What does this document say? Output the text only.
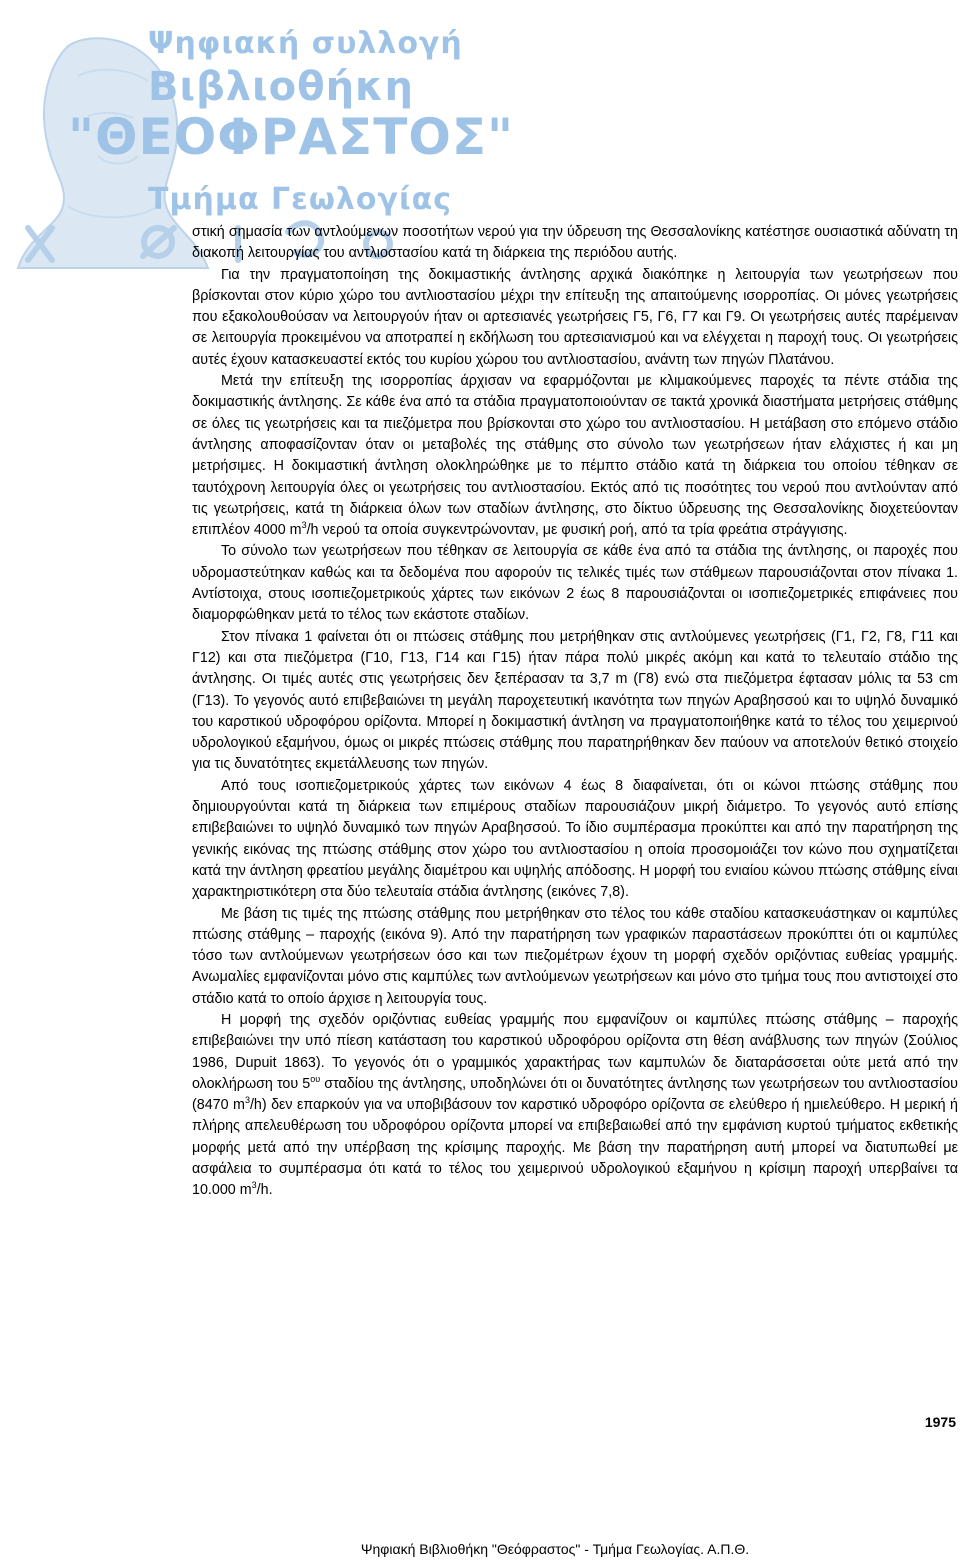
Ψηφιακή συλλογή
Βιβλιοθήκη
"ΘΕΟΦΡΑΣΤΟΣ"
Τμήμα Γεωλογίας

στική σημασία των αντλούμενων ποσοτήτων νερού για την ύδρευση της Θεσσαλονίκης κατέστησε ουσιαστικά αδύνατη τη διακοπή λειτουργίας του αντλιοστασίου κατά τη διάρκεια της περιόδου αυτής.

Για την πραγματοποίηση της δοκιμαστικής άντλησης αρχικά διακόπηκε η λειτουργία των γεωτρήσεων που βρίσκονται στον κύριο χώρο του αντλιοστασίου μέχρι την επίτευξη της απαιτούμενης ισορροπίας. Οι μόνες γεωτρήσεις που εξακολουθούσαν να λειτουργούν ήταν οι αρτεσιανές γεωτρήσεις Γ5, Γ6, Γ7 και Γ9. Οι γεωτρήσεις αυτές παρέμειναν σε λειτουργία προκειμένου να αποτραπεί η εκδήλωση του αρτεσιανισμού και να ελέγχεται η παροχή τους. Οι γεωτρήσεις αυτές έχουν κατασκευαστεί εκτός του κυρίου χώρου του αντλιοστασίου, ανάντη των πηγών Πλατάνου.

Μετά την επίτευξη της ισορροπίας άρχισαν να εφαρμόζονται με κλιμακούμενες παροχές τα πέντε στάδια της δοκιμαστικής άντλησης. Σε κάθε ένα από τα στάδια πραγματοποιούνταν σε τακτά χρονικά διαστήματα μετρήσεις στάθμης σε όλες τις γεωτρήσεις και τα πιεζόμετρα που βρίσκονται στο χώρο του αντλιοστασίου. Η μετάβαση στο επόμενο στάδιο άντλησης αποφασίζονταν όταν οι μεταβολές της στάθμης στο σύνολο των γεωτρήσεων ήταν ελάχιστες ή και μη μετρήσιμες. Η δοκιμαστική άντληση ολοκληρώθηκε με το πέμπτο στάδιο κατά τη διάρκεια του οποίου τέθηκαν σε ταυτόχρονη λειτουργία όλες οι γεωτρήσεις του αντλιοστασίου. Εκτός από τις ποσότητες του νερού που αντλούνταν από τις γεωτρήσεις, κατά τη διάρκεια όλων των σταδίων άντλησης, στο δίκτυο ύδρευσης της Θεσσαλονίκης διοχετεύονταν επιπλέον 4000 $m^3/h$ νερού τα οποία συγκεντρώνονταν, με φυσική ροή, από τα τρία φρεάτια στράγγισης.

Το σύνολο των γεωτρήσεων που τέθηκαν σε λειτουργία σε κάθε ένα από τα στάδια της άντλησης, οι παροχές που υδρομαστεύτηκαν καθώς και τα δεδομένα που αφορούν τις τελικές τιμές των στάθμεων παρουσιάζονται στον πίνακα 1. Αντίστοιχα, στους ισοπιεζομετρικούς χάρτες των εικόνων 2 έως 8 παρουσιάζονται οι ισοπιεζομετρικές επιφάνειες που διαμορφώθηκαν μετά το τέλος των εκάστοτε σταδίων.

Στον πίνακα 1 φαίνεται ότι οι πτώσεις στάθμης που μετρήθηκαν στις αντλούμενες γεωτρήσεις (Γ1, Γ2, Γ8, Γ11 και Γ12) και στα πιεζόμετρα (Γ10, Γ13, Γ14 και Γ15) ήταν πάρα πολύ μικρές ακόμη και κατά το τελευταίο στάδιο της άντλησης. Οι τιμές αυτές στις γεωτρήσεις δεν ξεπέρασαν τα 3,7 m (Γ8) ενώ στα πιεζόμετρα έφτασαν μόλις τα 53 cm (Γ13). Το γεγονός αυτό επιβεβαιώνει τη μεγάλη παροχετευτική ικανότητα των πηγών Αραβησσού και το υψηλό δυναμικό του καρστικού υδροφόρου ορίζοντα. Μπορεί η δοκιμαστική άντληση να πραγματοποιήθηκε κατά το τέλος του χειμερινού υδρολογικού εξαμήνου, όμως οι μικρές πτώσεις στάθμης που παρατηρήθηκαν δεν παύουν να αποτελούν θετικό στοιχείο για τις δυνατότητες εκμετάλλευσης των πηγών.

Από τους ισοπιεζομετρικούς χάρτες των εικόνων 4 έως 8 διαφαίνεται, ότι οι κώνοι πτώσης στάθμης που δημιουργούνται κατά τη διάρκεια των επιμέρους σταδίων παρουσιάζουν μικρή διάμετρο. Το γεγονός αυτό επίσης επιβεβαιώνει το υψηλό δυναμικό των πηγών Αραβησσού. Το ίδιο συμπέρασμα προκύπτει και από την παρατήρηση της γενικής εικόνας της πτώσης στάθμης στον χώρο του αντλιοστασίου η οποία προσομοιάζει τον κώνο που σχηματίζεται κατά την άντληση φρεατίου μεγάλης διαμέτρου και υψηλής απόδοσης. Η μορφή του ενιαίου κώνου πτώσης στάθμης είναι χαρακτηριστικότερη στα δύο τελευταία στάδια άντλησης (εικόνες 7,8).

Με βάση τις τιμές της πτώσης στάθμης που μετρήθηκαν στο τέλος του κάθε σταδίου κατασκευάστηκαν οι καμπύλες πτώσης στάθμης – παροχής (εικόνα 9). Από την παρατήρηση των γραφικών παραστάσεων προκύπτει ότι οι καμπύλες τόσο των αντλούμενων γεωτρήσεων όσο και των πιεζομέτρων έχουν τη μορφή σχεδόν οριζόντιας ευθείας γραμμής. Ανωμαλίες εμφανίζονται μόνο στις καμπύλες των αντλούμενων γεωτρήσεων και μόνο στο τμήμα τους που αντιστοιχεί στο στάδιο κατά το οποίο άρχισε η λειτουργία τους.

Η μορφή της σχεδόν οριζόντιας ευθείας γραμμής που εμφανίζουν οι καμπύλες πτώσης στάθμης – παροχής επιβεβαιώνει την υπό πίεση κατάσταση του καρστικού υδροφόρου ορίζοντα στη θέση ανάβλυσης των πηγών (Σούλιος 1986, Dupuit 1863). Το γεγονός ότι ο γραμμικός χαρακτήρας των καμπυλών δε διαταράσσεται ούτε μετά από την ολοκλήρωση του $5^{o\upsilon}$ σταδίου της άντλησης, υποδηλώνει ότι οι δυνατότητες άντλησης των γεωτρήσεων του αντλιοστασίου (8470 $m^3/h$) δεν επαρκούν για να υποβιβάσουν τον καρστικό υδροφόρο ορίζοντα σε ελεύθερο ή ημιελεύθερο. Η μερική ή πλήρης απελευθέρωση του υδροφόρου ορίζοντα μπορεί να επιβεβαιωθεί από την εμφάνιση κυρτού τμήματος εκθετικής μορφής μετά από την υπέρβαση της κρίσιμης παροχής. Με βάση την παρατήρηση αυτή μπορεί να διατυπωθεί με ασφάλεια το συμπέρασμα ότι κατά το τέλος του χειμερινού υδρολογικού εξαμήνου η κρίσιμη παροχή υπερβαίνει τα 10.000 $m^3/h$.

1975
Ψηφιακή Βιβλιοθήκη "Θεόφραστος" - Τμήμα Γεωλογίας. Α.Π.Θ.
